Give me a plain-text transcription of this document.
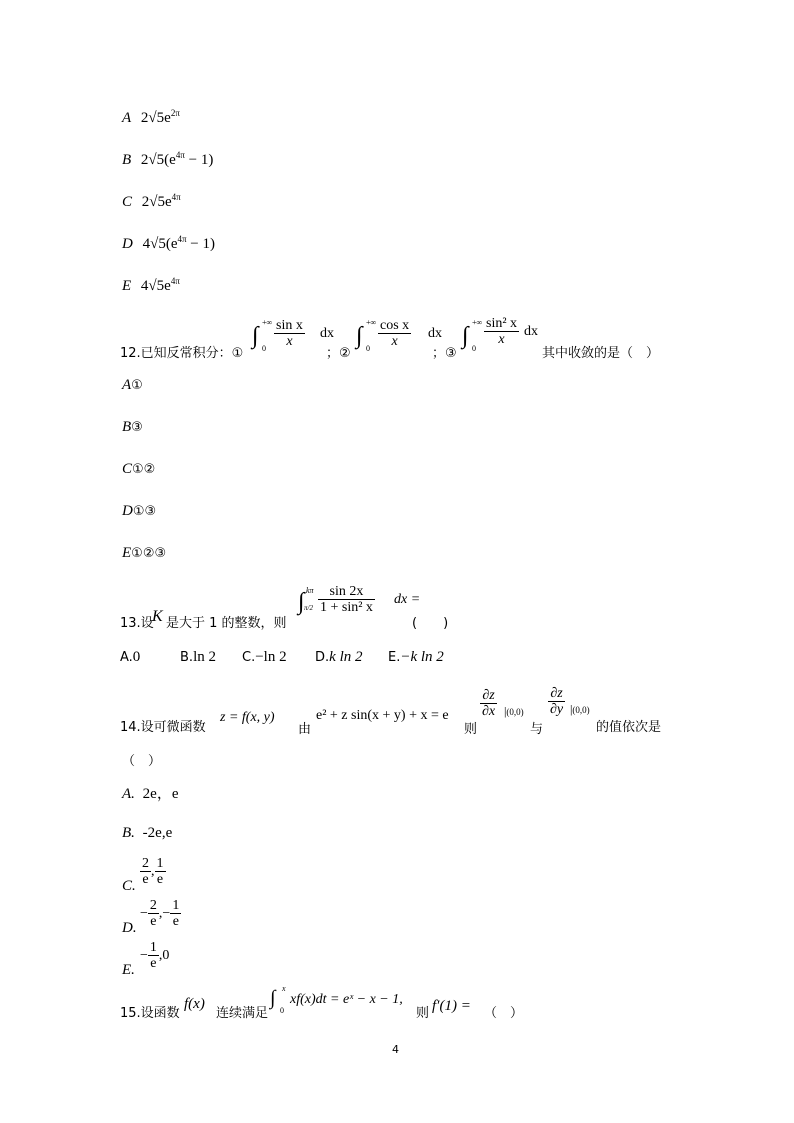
A $2√5e^{2\pi}$
B $2√5(e^{4\pi} - 1)$
C $2√5e^{4\pi}$
D $4√5(e^{4\pi} - 1)$
E $4√5e^{4\pi}$
12.已知反常积分：①
∫
+∞
$0 \frac{\text{sin x}}{x}$ dx
；②
∫
+∞
$0 \frac{\text{cos x}}{x}$ dx
；③
∫
+∞
0
$\frac{\text{sin² x}}{x}$ dx
其中收敛的是（　）
A①
B③
C①②
D①③
E①②③
13.设
K 是大于 1 的整数，则
∫ kπ
$\pi/2 \frac{\sin 2x}{\text{1 + sin² x}}$ dx =
(　　)
A.0	B.ln 2 C.−ln 2 D.k ln 2 E.−k ln 2
14.设可微函数
z = f(x, y)
由
e² + z sin(x + y) + x = e
则
$\frac{\partial z}{\partial x} |(0,0)$
与
$\frac{\partial z}{\partial y} |(0,0)$
的值依次是
（　）
A. 2e，e
B. -2e,e
C. $\frac{2}{e}$ , $\frac{1}{e}$
D.
− $\frac{2}{e}$ ,− $\frac{1}{e}$
E.
− $\frac{1}{e} ,0$
15.设函数
f(x)
连续满足
∫ x
0
xf(x)dt = eˣ − x − 1,
则 f′(1) = （　）
4
